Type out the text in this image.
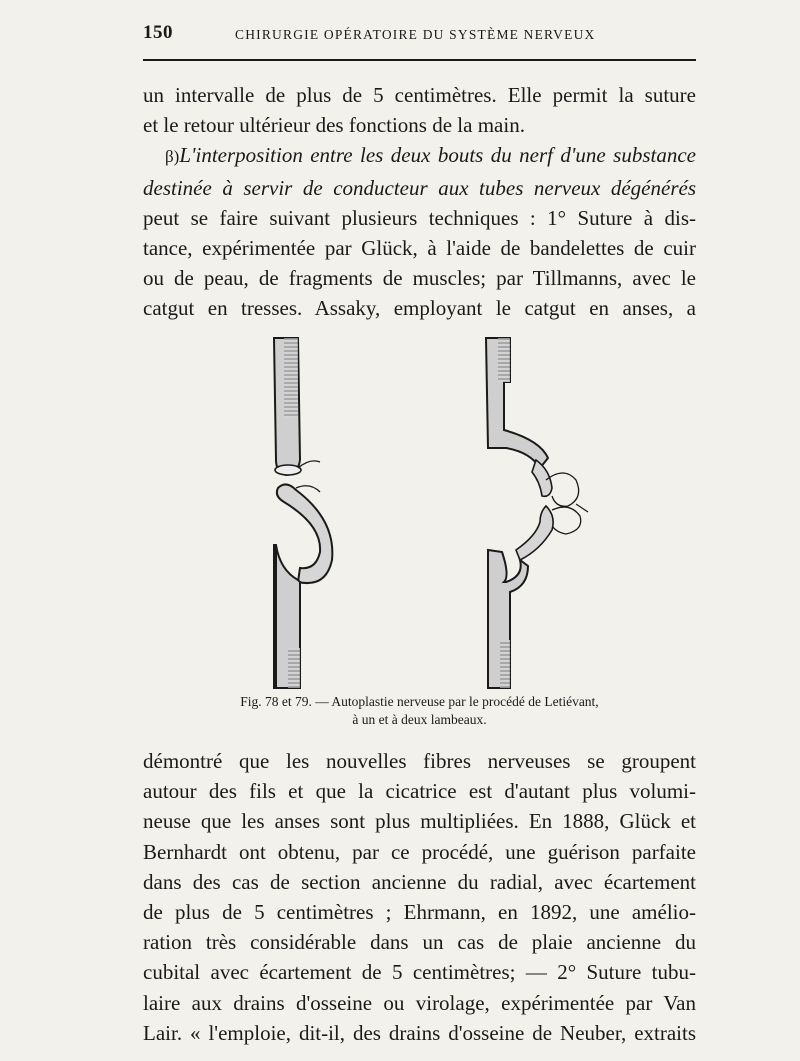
150	CHIRURGIE OPÉRATOIRE DU SYSTÈME NERVEUX
un intervalle de plus de 5 centimètres. Elle permit la suture
et le retour ultérieur des fonctions de la main.
β)L'interposition entre les deux bouts du nerf d'une substance
destinée à servir de conducteur aux tubes nerveux dégénérés
peut se faire suivant plusieurs techniques : 1° Suture à dis-
tance, expérimentée par Glück, à l'aide de bandelettes de cuir
ou de peau, de fragments de muscles; par Tillmanns, avec le
catgut en tresses. Assaky, employant le catgut en anses, a
Fig. 78 et 79. — Autoplastie nerveuse par le procédé de Letiévant,
à un et à deux lambeaux.
démontré que les nouvelles fibres nerveuses se groupent
autour des fils et que la cicatrice est d'autant plus volumi-
neuse que les anses sont plus multipliées. En 1888, Glück et
Bernhardt ont obtenu, par ce procédé, une guérison parfaite
dans des cas de section ancienne du radial, avec écartement
de plus de 5 centimètres ; Ehrmann, en 1892, une amélio-
ration très considérable dans un cas de plaie ancienne du
cubital avec écartement de 5 centimètres; — 2° Suture tubu-
laire aux drains d'osseine ou virolage, expérimentée par Van
Lair. « l'emploie, dit-il, des drains d'osseine de Neuber, extraits
